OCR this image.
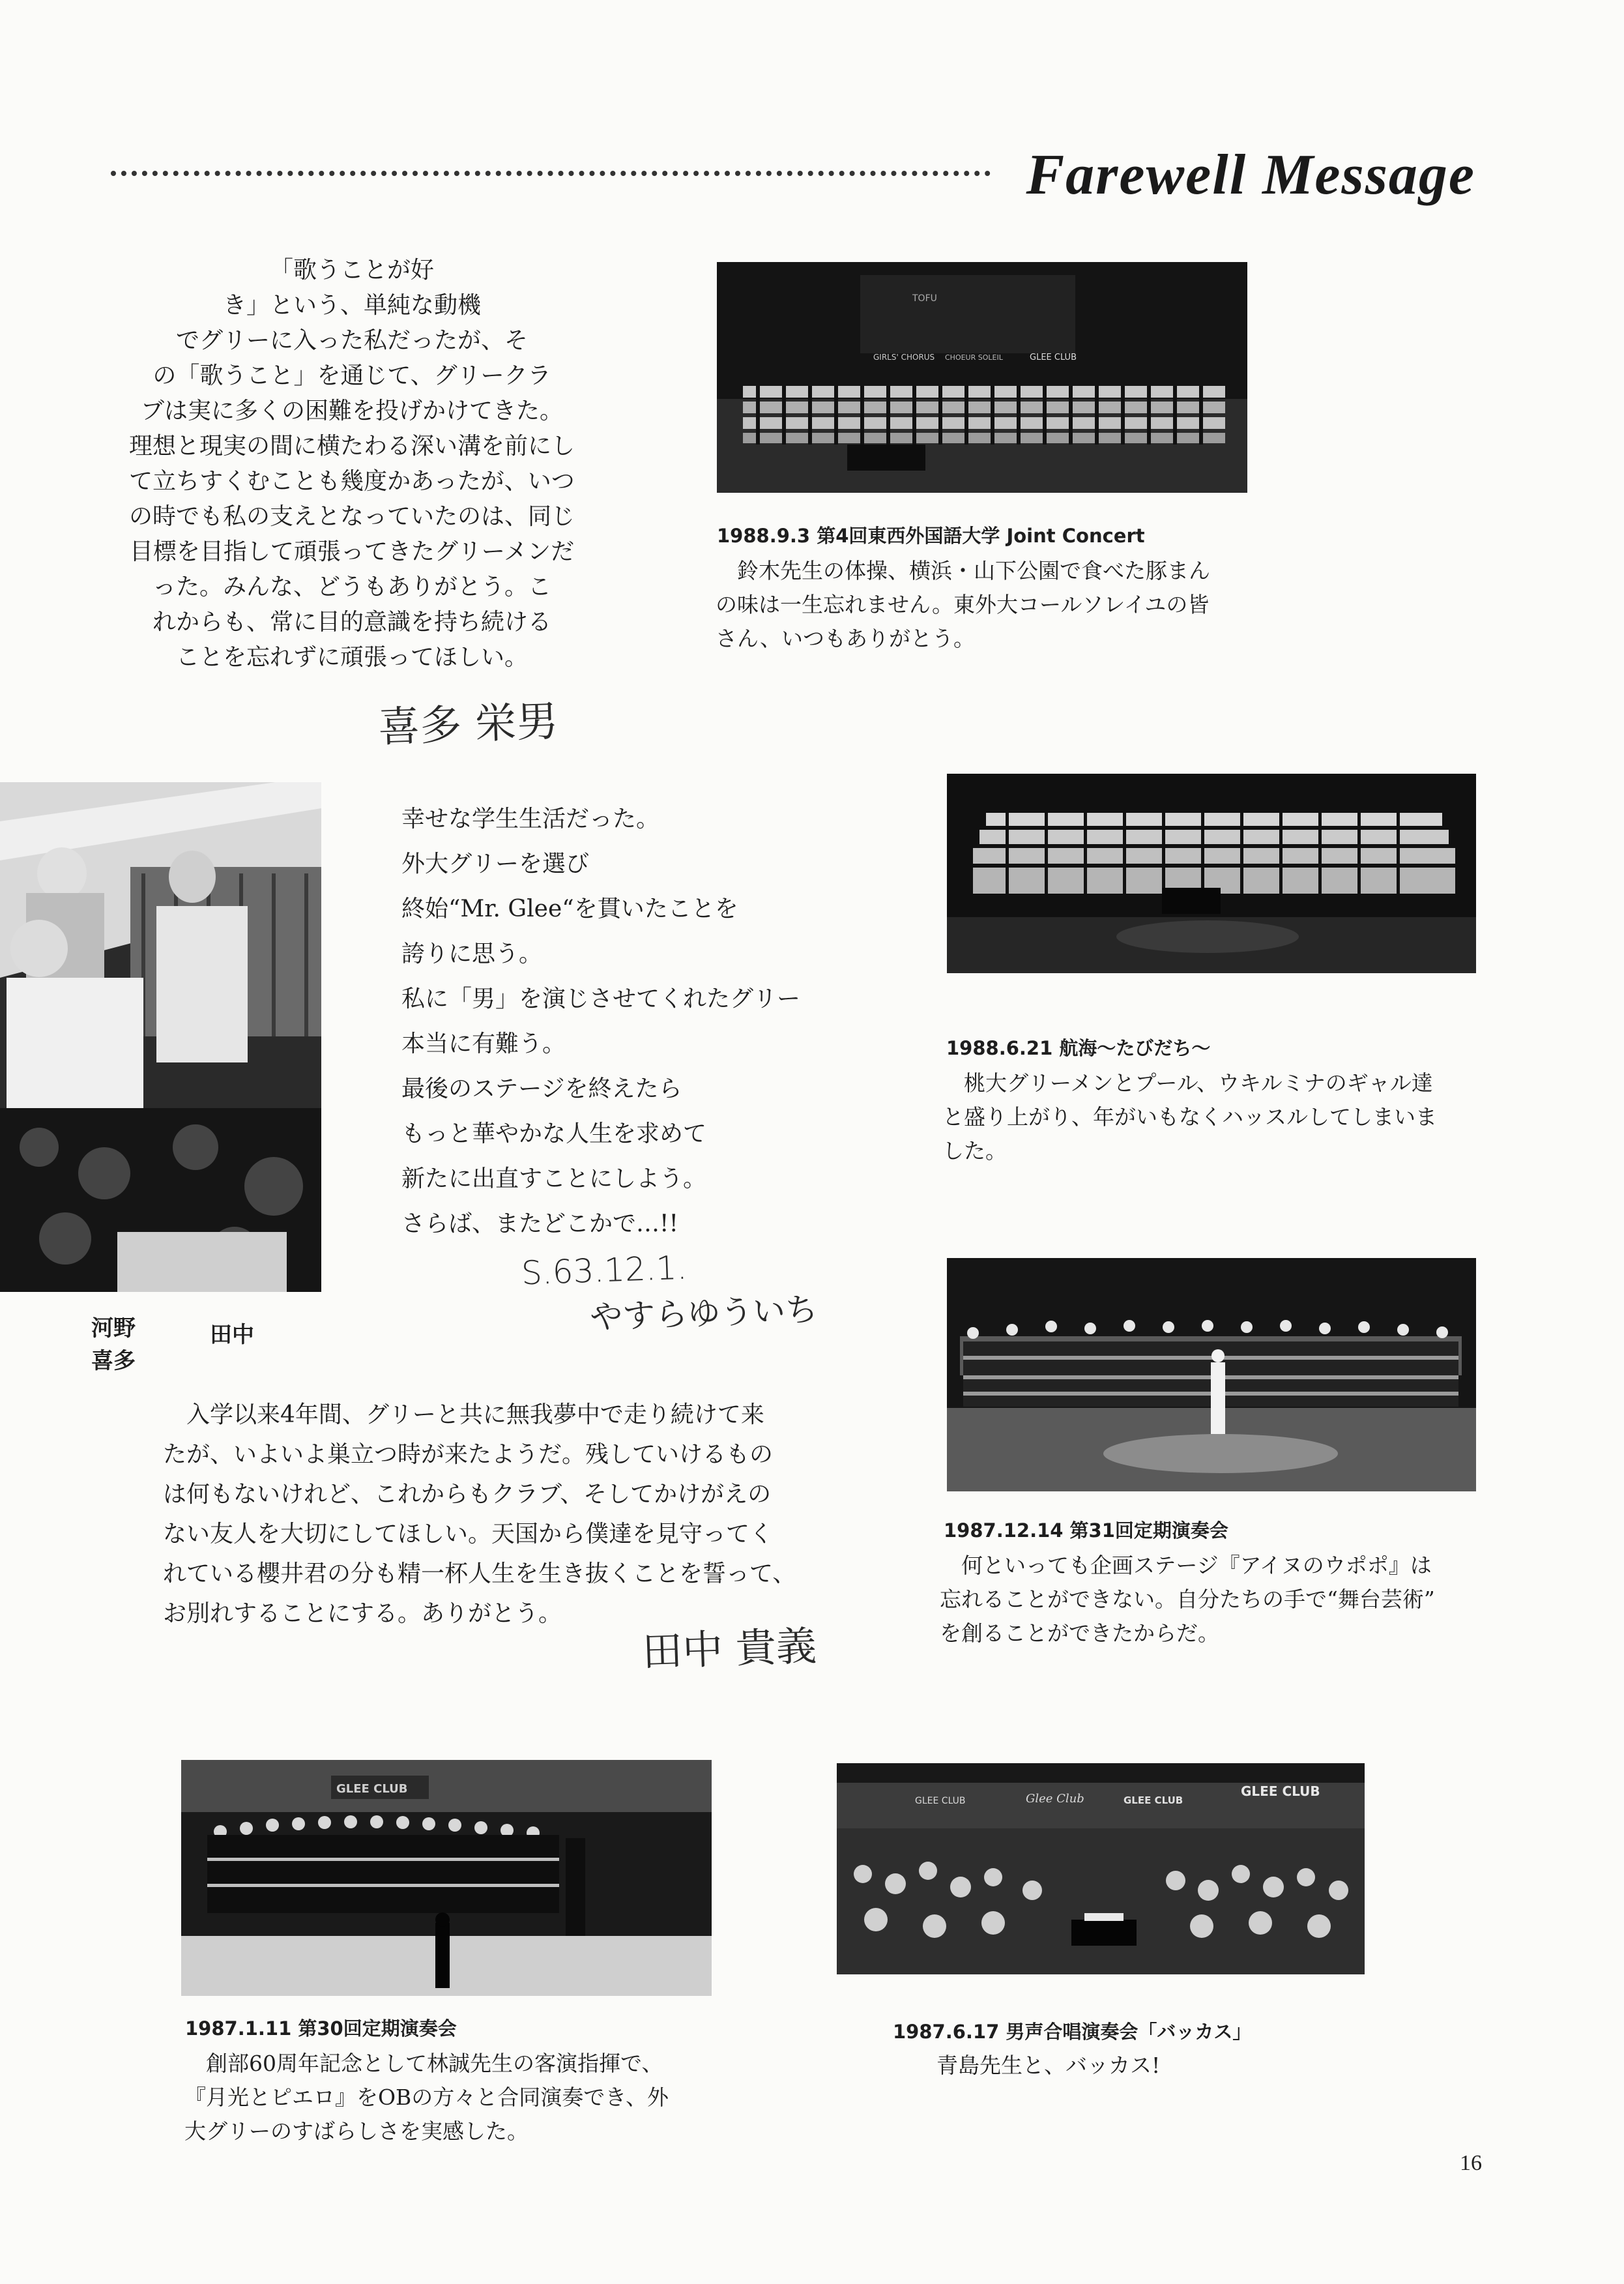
Farewell Message
「歌うことが好
き」という、単純な動機
でグリーに入った私だったが、そ
の「歌うこと」を通じて、グリークラ
ブは実に多くの困難を投げかけてきた。
理想と現実の間に横たわる深い溝を前にし
て立ちすくむことも幾度かあったが、いつ
の時でも私の支えとなっていたのは、同じ
目標を目指して頑張ってきたグリーメンだ
った。みんな、どうもありがとう。こ
れからも、常に目的意識を持ち続ける
ことを忘れずに頑張ってほしい。
喜多 栄男
TOFU
GIRLS' CHORUS CHOEUR SOLEIL	GLEE CLUB
1988.9.3 第4回東西外国語大学 Joint Concert
鈴木先生の体操、横浜・山下公園で食べた豚まん
の味は一生忘れません。東外大コールソレイユの皆
さん、いつもありがとう。
河野
喜多
田中
幸せな学生生活だった。
外大グリーを選び
終始“Mr. Glee“を貫いたことを
誇りに思う。
私に「男」を演じさせてくれたグリー
本当に有難う。
最後のステージを終えたら
もっと華やかな人生を求めて
新たに出直すことにしよう。
さらば、またどこかで…!!
S.63.12.1.
やすらゆういち
1988.6.21 航海～たびだち～
桃大グリーメンとプール、ウキルミナのギャル達
と盛り上がり、年がいもなくハッスルしてしまいま
した。
1987.12.14 第31回定期演奏会
何といっても企画ステージ『アイヌのウポポ』は
忘れることができない。自分たちの手で“舞台芸術”
を創ることができたからだ。
入学以来4年間、グリーと共に無我夢中で走り続けて来
たが、いよいよ巣立つ時が来たようだ。残していけるもの
は何もないけれど、これからもクラブ、そしてかけがえの
ない友人を大切にしてほしい。天国から僕達を見守ってく
れている櫻井君の分も精一杯人生を生き抜くことを誓って、
お別れすることにする。ありがとう。
田中 貴義
GLEE CLUB
1987.1.11 第30回定期演奏会
創部60周年記念として林誠先生の客演指揮で、
『月光とピエロ』をOBの方々と合同演奏でき、外
大グリーのすばらしさを実感した。
GLEE CLUB	Glee Club	GLEE CLUB
GLEE CLUB
1987.6.17 男声合唱演奏会「バッカス」
青島先生と、バッカス!
16
